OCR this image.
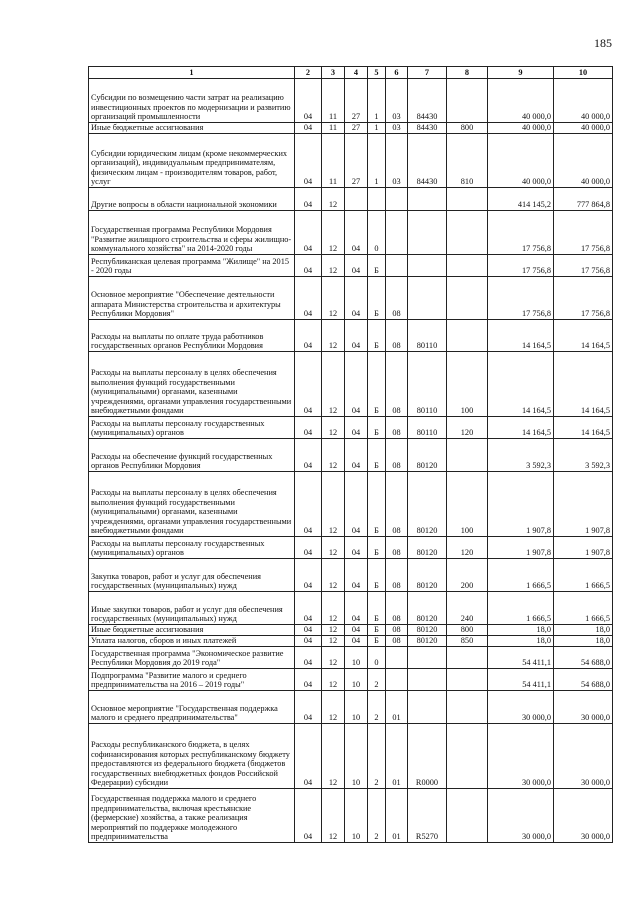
185
1	2	3	4	5	6	7	8	9	10
Субсидии по возмещению части затрат на реализацию инвестиционных проектов по модернизации и развитию организаций промышленности	04	11	27	1	03	84430		40 000,0	40 000,0
Иные бюджетные ассигнования	04	11	27	1	03	84430	800	40 000,0	40 000,0
Субсидии юридическим лицам (кроме некоммерческих организаций), индивидуальным предпринимателям, физическим лицам - производителям товаров, работ, услуг	04	11	27	1	03	84430	810	40 000,0	40 000,0
Другие вопросы в области национальной экономики	04	12						414 145,2	777 864,8
Государственная программа Республики Мордовия "Развитие жилищного строительства и сферы жилищно-коммунального хозяйства" на 2014-2020 годы	04	12	04	0				17 756,8	17 756,8
Республиканская целевая программа "Жилище" на 2015 - 2020 годы	04	12	04	Б				17 756,8	17 756,8
Основное мероприятие "Обеспечение деятельности аппарата Министерства строительства и архитектуры Республики Мордовия"	04	12	04	Б	08			17 756,8	17 756,8
Расходы на выплаты по оплате труда работников государственных органов Республики Мордовия	04	12	04	Б	08	80110		14 164,5	14 164,5
Расходы на выплаты персоналу в целях обеспечения выполнения функций государственными (муниципальными) органами, казенными учреждениями, органами управления государственными внебюджетными фондами	04	12	04	Б	08	80110	100	14 164,5	14 164,5
Расходы на выплаты персоналу государственных (муниципальных) органов	04	12	04	Б	08	80110	120	14 164,5	14 164,5
Расходы на обеспечение функций государственных органов Республики Мордовия	04	12	04	Б	08	80120		3 592,3	3 592,3
Расходы на выплаты персоналу в целях обеспечения выполнения функций государственными (муниципальными) органами, казенными учреждениями, органами управления государственными внебюджетными фондами	04	12	04	Б	08	80120	100	1 907,8	1 907,8
Расходы на выплаты персоналу государственных (муниципальных) органов	04	12	04	Б	08	80120	120	1 907,8	1 907,8
Закупка товаров, работ и услуг для обеспечения государственных (муниципальных) нужд	04	12	04	Б	08	80120	200	1 666,5	1 666,5
Иные закупки товаров, работ и услуг для обеспечения государственных (муниципальных) нужд	04	12	04	Б	08	80120	240	1 666,5	1 666,5
Иные бюджетные ассигнования	04	12	04	Б	08	80120	800	18,0	18,0
Уплата налогов, сборов и иных платежей	04	12	04	Б	08	80120	850	18,0	18,0
Государственная программа "Экономическое развитие Республики Мордовия до 2019 года"	04	12	10	0				54 411,1	54 688,0
Подпрограмма "Развитие малого и среднего предпринимательства на 2016 – 2019 годы"	04	12	10	2				54 411,1	54 688,0
Основное мероприятие "Государственная поддержка малого и среднего предпринимательства"	04	12	10	2	01			30 000,0	30 000,0
Расходы республиканского бюджета, в целях софинансирования которых республиканскому бюджету предоставляются из федерального бюджета (бюджетов государственных внебюджетных фондов Российской Федерации) субсидии	04	12	10	2	01	R0000		30 000,0	30 000,0
Государственная поддержка малого и среднего предпринимательства, включая крестьянские (фермерские) хозяйства, а также реализация мероприятий по поддержке молодежного предпринимательства	04	12	10	2	01	R5270		30 000,0	30 000,0
